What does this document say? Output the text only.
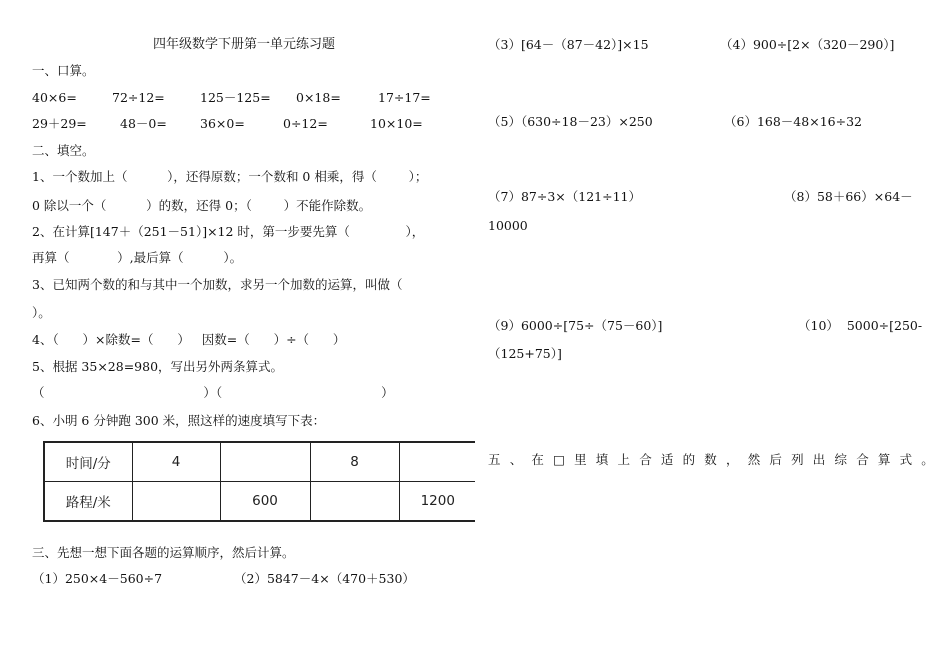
四年级数学下册第一单元练习题
一、口算。
40×6=	72÷12=	125－125= 0×18=	17÷17=
29＋29=	48－0=	36×0=	0÷12=	10×10=
二、填空。
1、一个数加上（          ），还得原数；一个数和 0 相乘，得（        ）；
0 除以一个（          ）的数，还得 0；（        ）不能作除数。
2、在计算[147＋（251－51）]×12 时，第一步要先算（              ），
再算（            ）,最后算（          ）。
3、已知两个数的和与其中一个加数，求另一个加数的运算，叫做（
）。
4、（      ）×除数=（      ）   因数=（      ）÷（      ）
5、根据 35×28=980，写出另外两条算式。
（                                        ）（                                        ）
6、小明 6 分钟跑 300 米，照这样的速度填写下表：
时间/分	4		8	
路程/米		600		1200
三、先想一想下面各题的运算顺序，然后计算。
（1）250×4－560÷7	（2）5847－4×（470＋530）
（3）[64－（87－42）]×15	（4）900÷[2×（320－290）]
（5）（630÷18－23）×250	（6）168－48×16÷32
（7）87÷3×（121÷11）	（8）58＋66）×64－
10000
（9）6000÷[75÷（75－60）]	（10）  5000÷[250-
（125+75）]
五、在□里填上合适的数，然后列出综合算式。
